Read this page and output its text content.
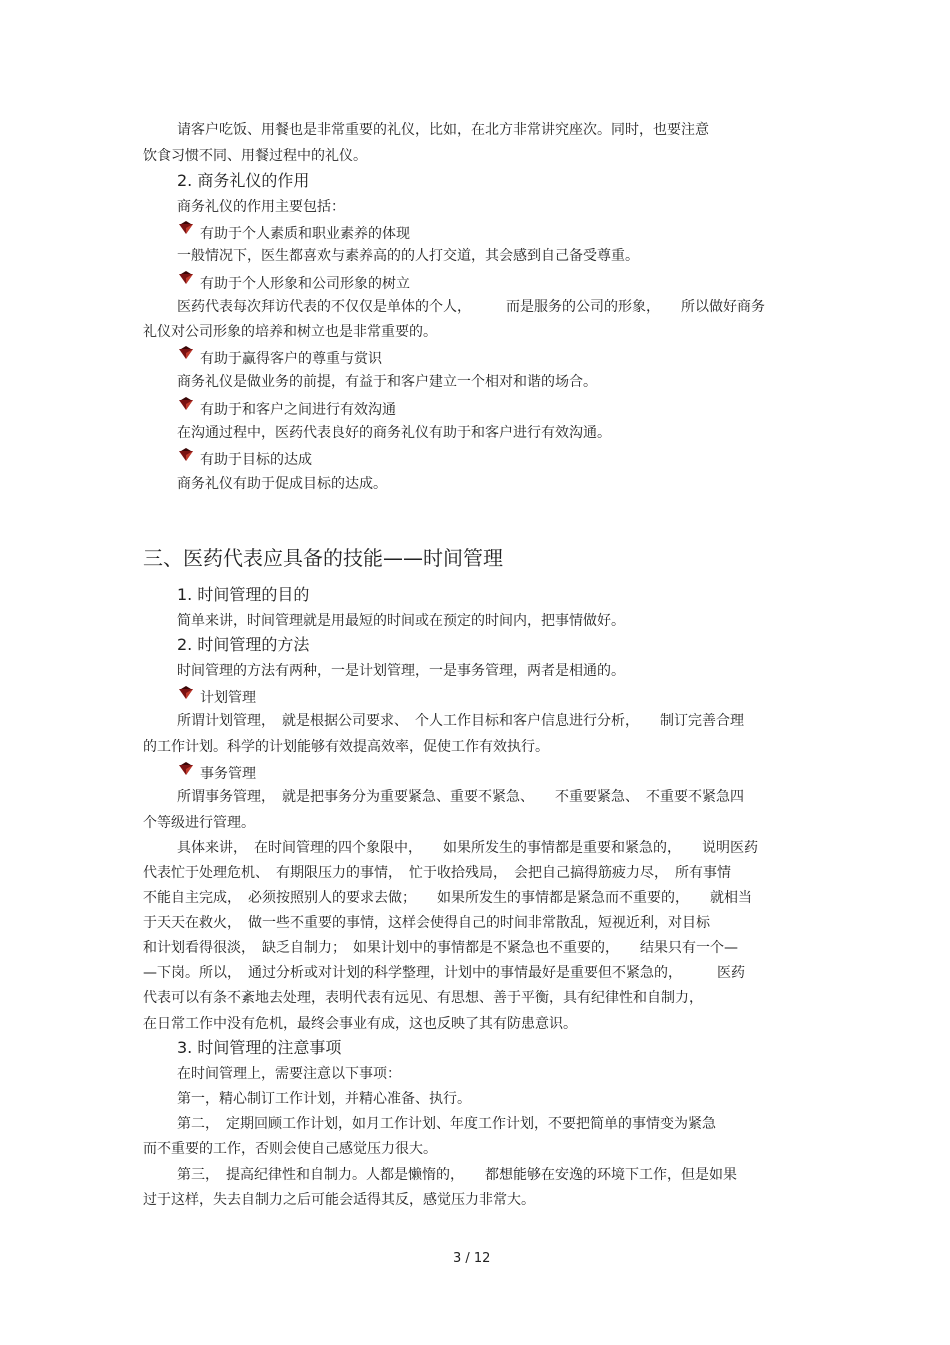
请客户吃饭、用餐也是非常重要的礼仪，比如，在北方非常讲究座次。同时，也要注意
饮食习惯不同、用餐过程中的礼仪。
2. 商务礼仪的作用
商务礼仪的作用主要包括：
有助于个人素质和职业素养的体现
一般情况下，医生都喜欢与素养高的的人打交道，其会感到自己备受尊重。
有助于个人形象和公司形象的树立
医药代表每次拜访代表的不仅仅是单体的个人，　　　而是服务的公司的形象，　　所以做好商务
礼仪对公司形象的培养和树立也是非常重要的。
有助于赢得客户的尊重与赏识
商务礼仪是做业务的前提，有益于和客户建立一个相对和谐的场合。
有助于和客户之间进行有效沟通
在沟通过程中，医药代表良好的商务礼仪有助于和客户进行有效沟通。
有助于目标的达成
商务礼仪有助于促成目标的达成。
三、医药代表应具备的技能——时间管理
1. 时间管理的目的
简单来讲，时间管理就是用最短的时间或在预定的时间内，把事情做好。
2. 时间管理的方法
时间管理的方法有两种，一是计划管理，一是事务管理，两者是相通的。
计划管理
所谓计划管理，　就是根据公司要求、　个人工作目标和客户信息进行分析，　　制订完善合理
的工作计划。科学的计划能够有效提高效率，促使工作有效执行。
事务管理
所谓事务管理，　就是把事务分为重要紧急、重要不紧急、　　不重要紧急、　不重要不紧急四
个等级进行管理。
具体来讲，　在时间管理的四个象限中，　　如果所发生的事情都是重要和紧急的，　　说明医药
代表忙于处理危机、　有期限压力的事情，　忙于收拾残局，　会把自己搞得筋疲力尽，　所有事情
不能自主完成，　必须按照别人的要求去做；　　如果所发生的事情都是紧急而不重要的，　　就相当
于天天在救火，　做一些不重要的事情，这样会使得自己的时间非常散乱，短视近利，对目标
和计划看得很淡，　缺乏自制力；　如果计划中的事情都是不紧急也不重要的，　　结果只有一个—
—下岗。所以，　通过分析或对计划的科学整理，计划中的事情最好是重要但不紧急的，　　　医药
代表可以有条不紊地去处理，表明代表有远见、有思想、善于平衡，具有纪律性和自制力，
在日常工作中没有危机，最终会事业有成，这也反映了其有防患意识。
3. 时间管理的注意事项
在时间管理上，需要注意以下事项：
第一，精心制订工作计划，并精心准备、执行。
第二，　定期回顾工作计划，如月工作计划、年度工作计划，不要把简单的事情变为紧急
而不重要的工作，否则会使自己感觉压力很大。
第三，　提高纪律性和自制力。人都是懒惰的，　　都想能够在安逸的环境下工作，但是如果
过于这样，失去自制力之后可能会适得其反，感觉压力非常大。
3 / 12
